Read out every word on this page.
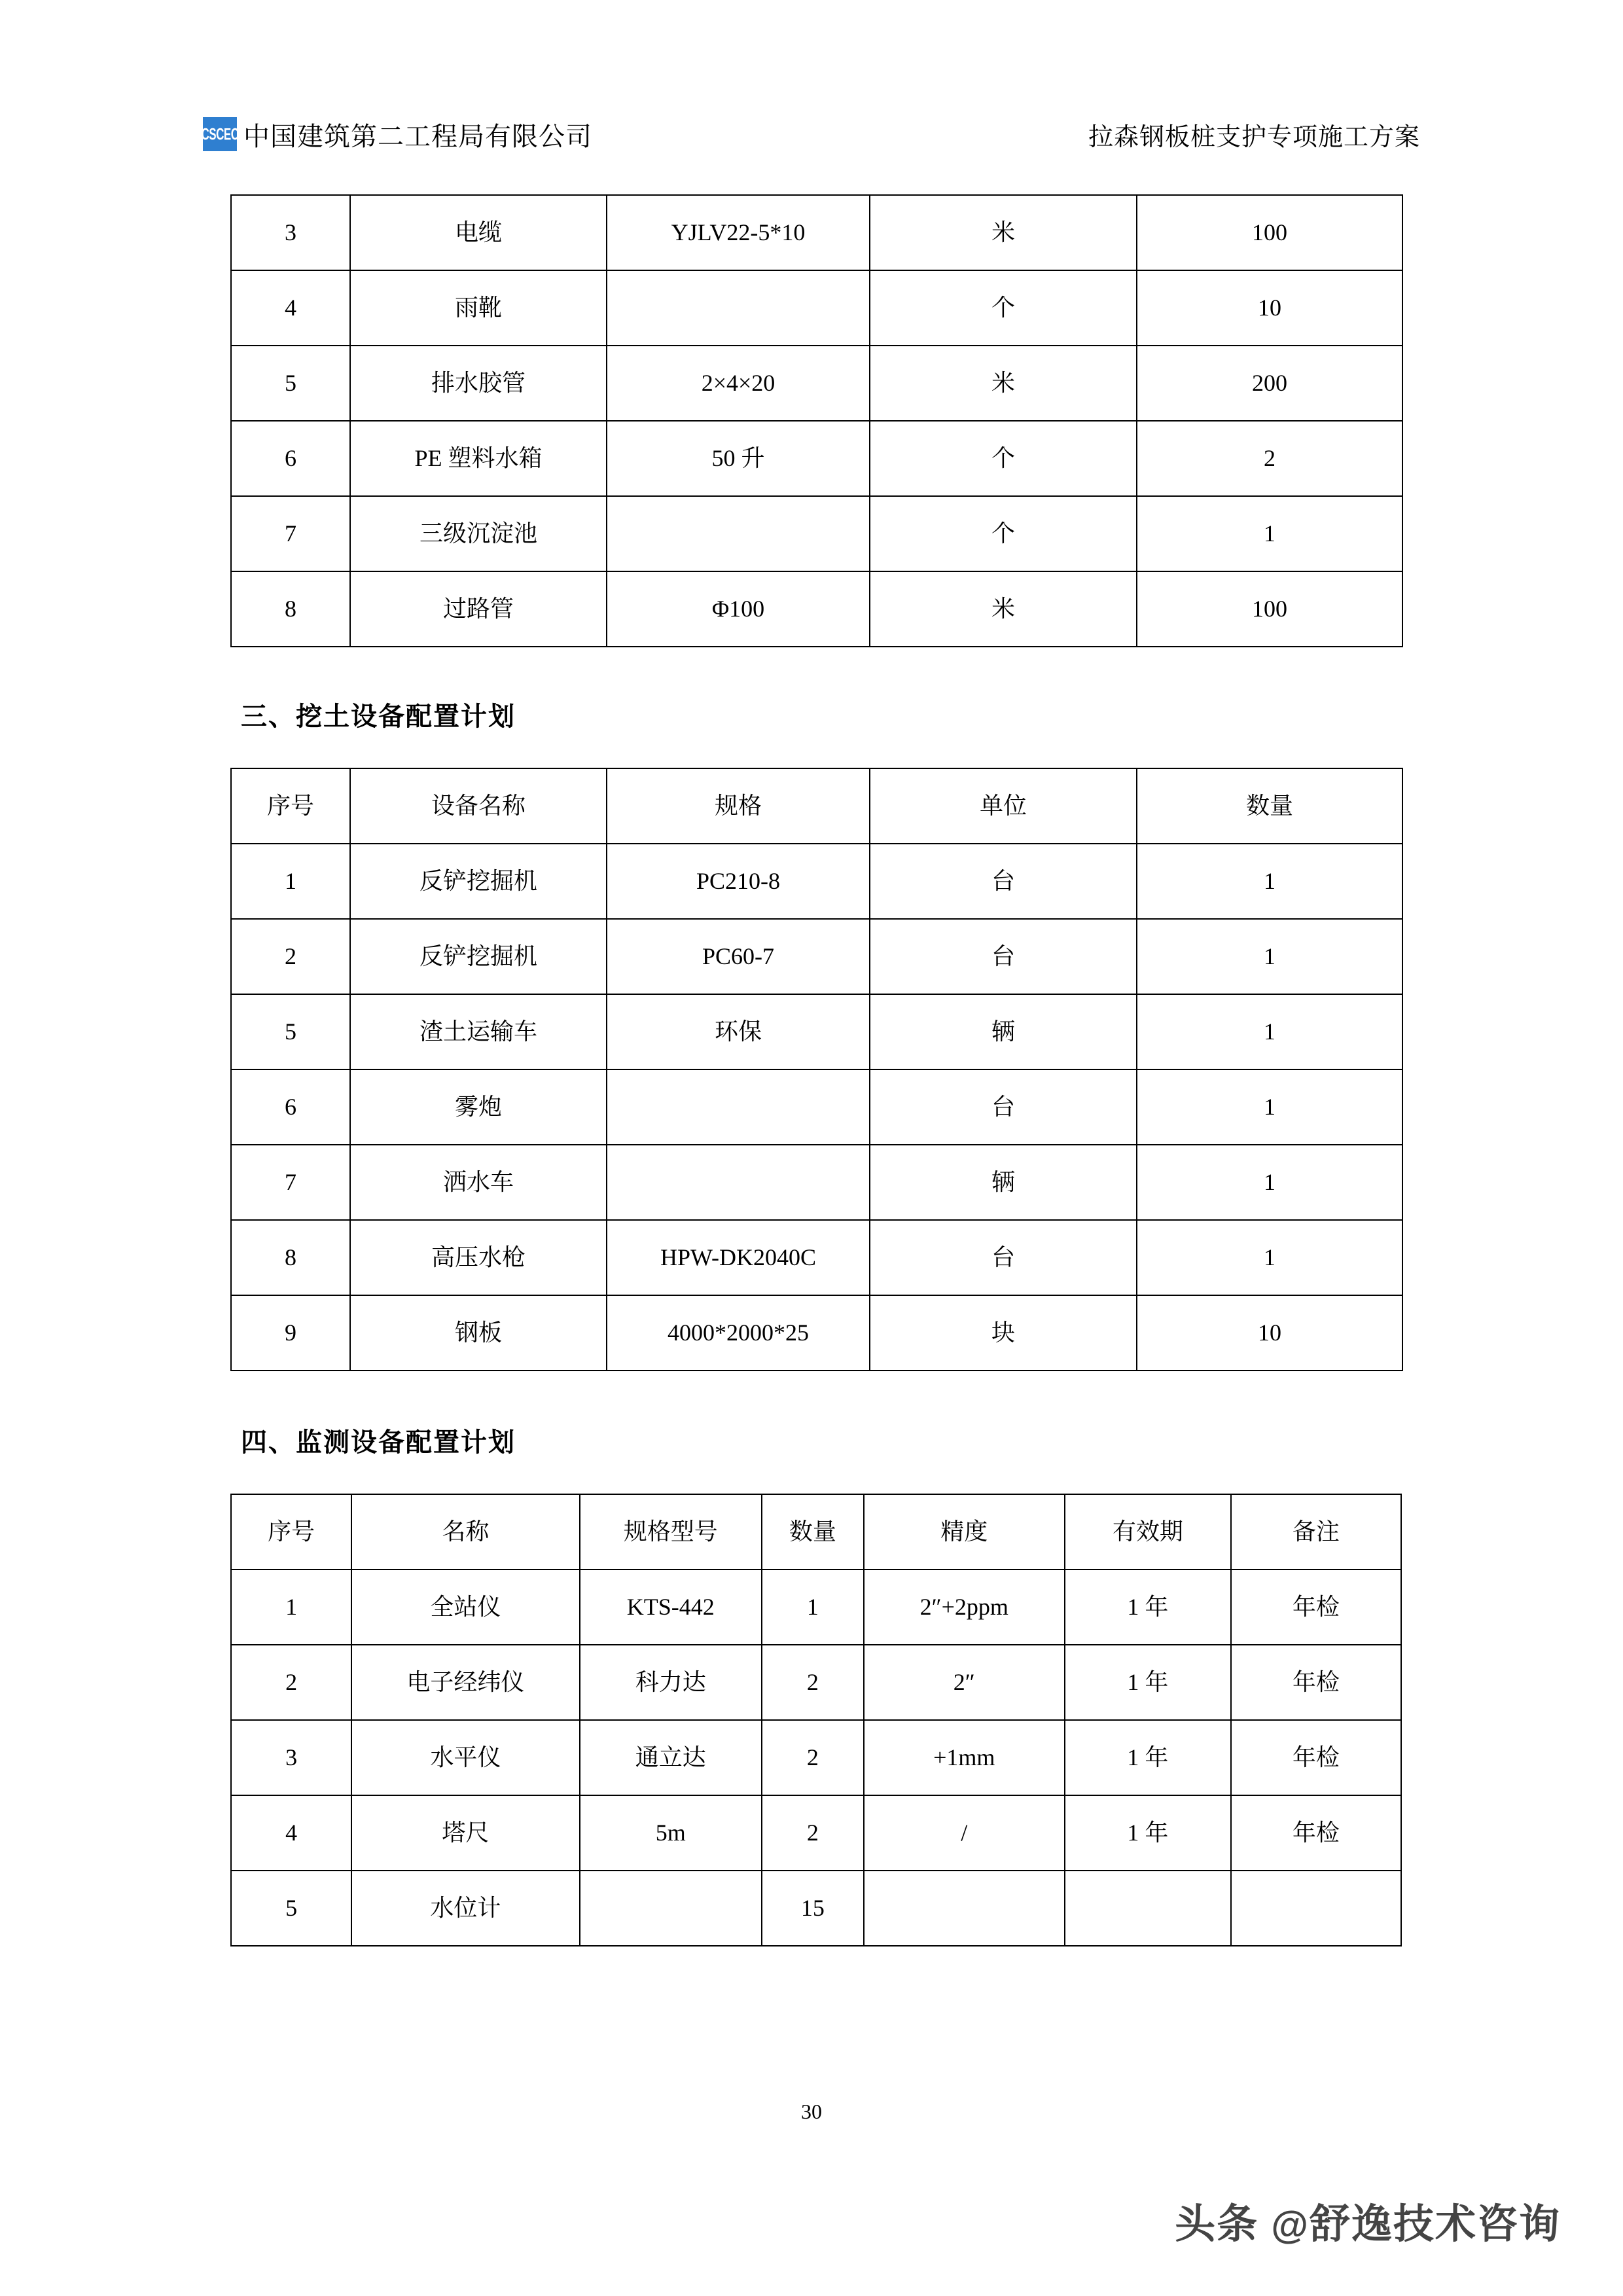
CSCEC 中国建筑第二工程局有限公司	拉森钢板桩支护专项施工方案
3	电缆	YJLV22-5*10	米	100
4	雨靴		个	10
5	排水胶管	2×4×20	米	200
6	PE 塑料水箱	50 升	个	2
7	三级沉淀池		个	1
8	过路管	Φ100	米	100
三、挖土设备配置计划
序号	设备名称	规格	单位	数量
1	反铲挖掘机	PC210-8	台	1
2	反铲挖掘机	PC60-7	台	1
5	渣土运输车	环保	辆	1
6	雾炮		台	1
7	洒水车		辆	1
8	高压水枪	HPW-DK2040C	台	1
9	钢板	4000*2000*25	块	10
四、监测设备配置计划
序号	名称	规格型号	数量	精度	有效期	备注
1	全站仪	KTS-442	1	2″+2ppm	1 年	年检
2	电子经纬仪	科力达	2	2″	1 年	年检
3	水平仪	通立达	2	+1mm	1 年	年检
4	塔尺	5m	2	/	1 年	年检
5	水位计		15			
30
头条 @舒逸技术咨询
